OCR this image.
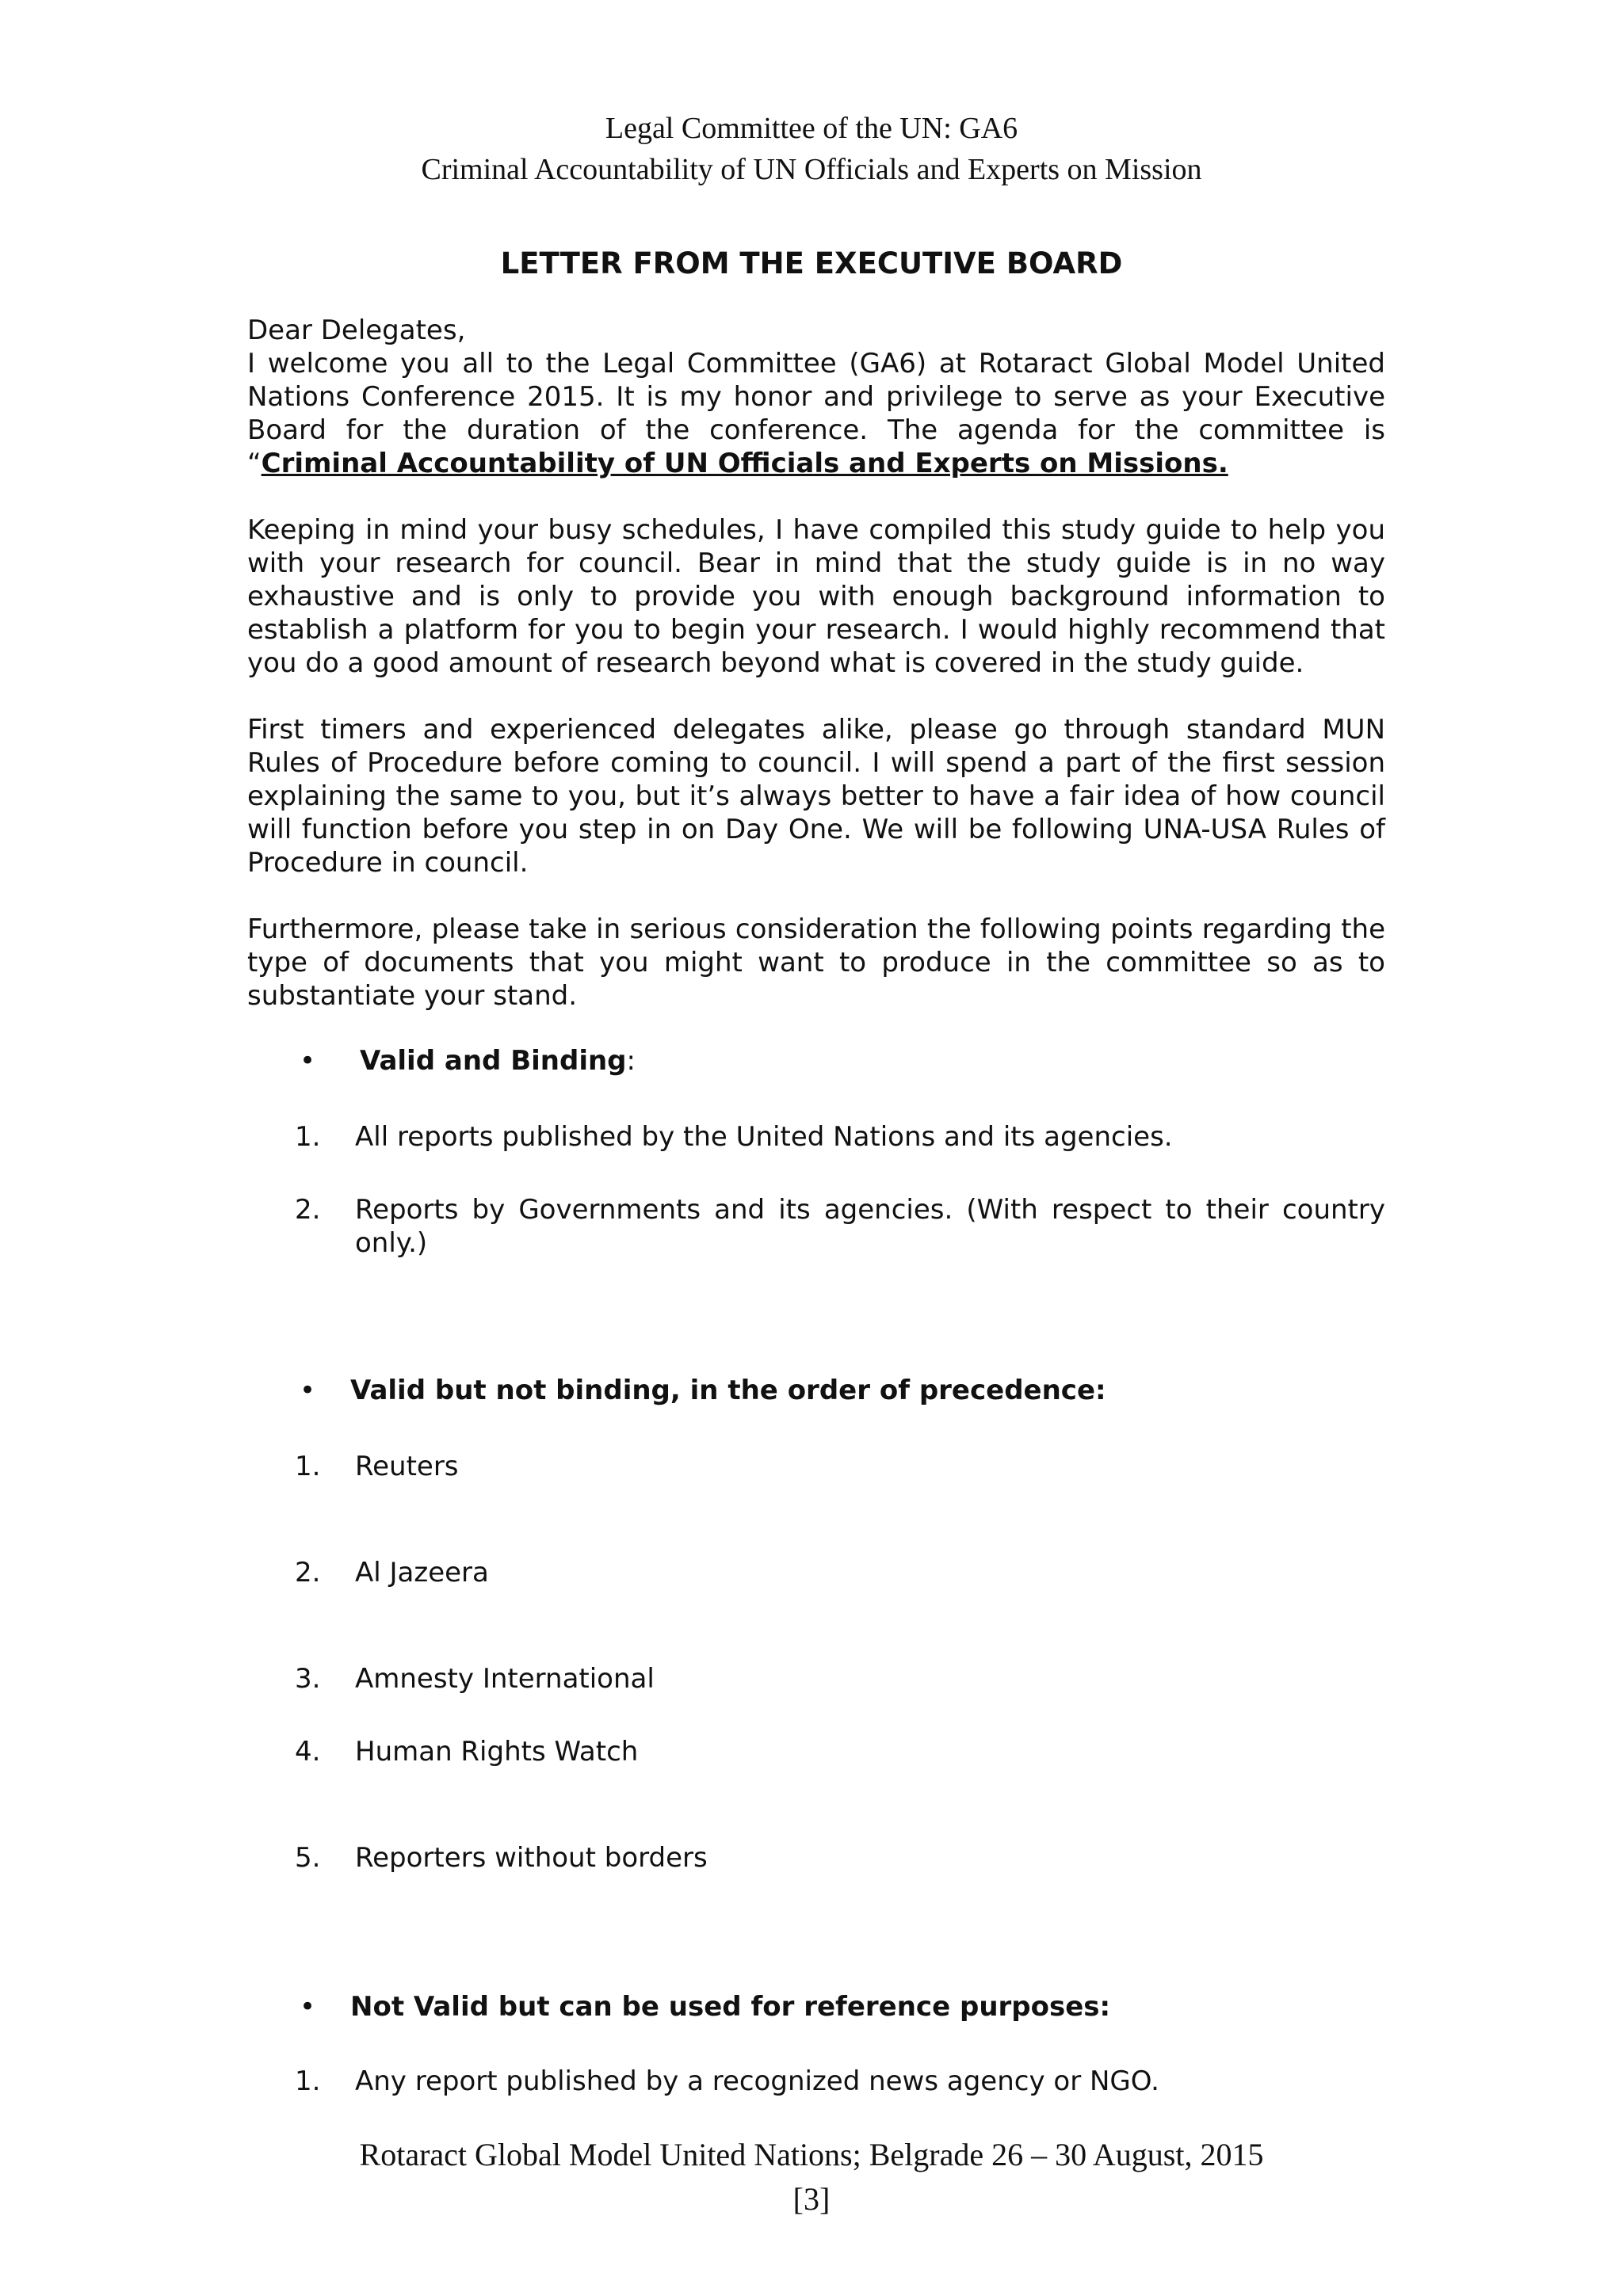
Legal Committee of the UN: GA6
Criminal Accountability of UN Officials and Experts on Mission
LETTER FROM THE EXECUTIVE BOARD

Dear Delegates,
I welcome you all to the Legal Committee (GA6) at Rotaract Global Model United Nations Conference 2015. It is my honor and privilege to serve as your Executive Board for the duration of the conference. The agenda for the committee is “Criminal Accountability of UN Officials and Experts on Missions.

Keeping in mind your busy schedules, I have compiled this study guide to help you with your research for council. Bear in mind that the study guide is in no way exhaustive and is only to provide you with enough background information to establish a platform for you to begin your research. I would highly recommend that you do a good amount of research beyond what is covered in the study guide.

First timers and experienced delegates alike, please go through standard MUN Rules of Procedure before coming to council. I will spend a part of the first session explaining the same to you, but it’s always better to have a fair idea of how council will function before you step in on Day One. We will be following UNA-USA Rules of Procedure in council.

Furthermore, please take in serious consideration the following points regarding the type of documents that you might want to produce in the committee so as to substantiate your stand.

• Valid and Binding:
1. All reports published by the United Nations and its agencies.
2. Reports by Governments and its agencies. (With respect to their country only.)
• Valid but not binding, in the order of precedence:
1. Reuters
2. Al Jazeera
3. Amnesty International
4. Human Rights Watch
5. Reporters without borders
• Not Valid but can be used for reference purposes:
1. Any report published by a recognized news agency or NGO.
Rotaract Global Model United Nations; Belgrade 26 – 30 August, 2015
[3]
